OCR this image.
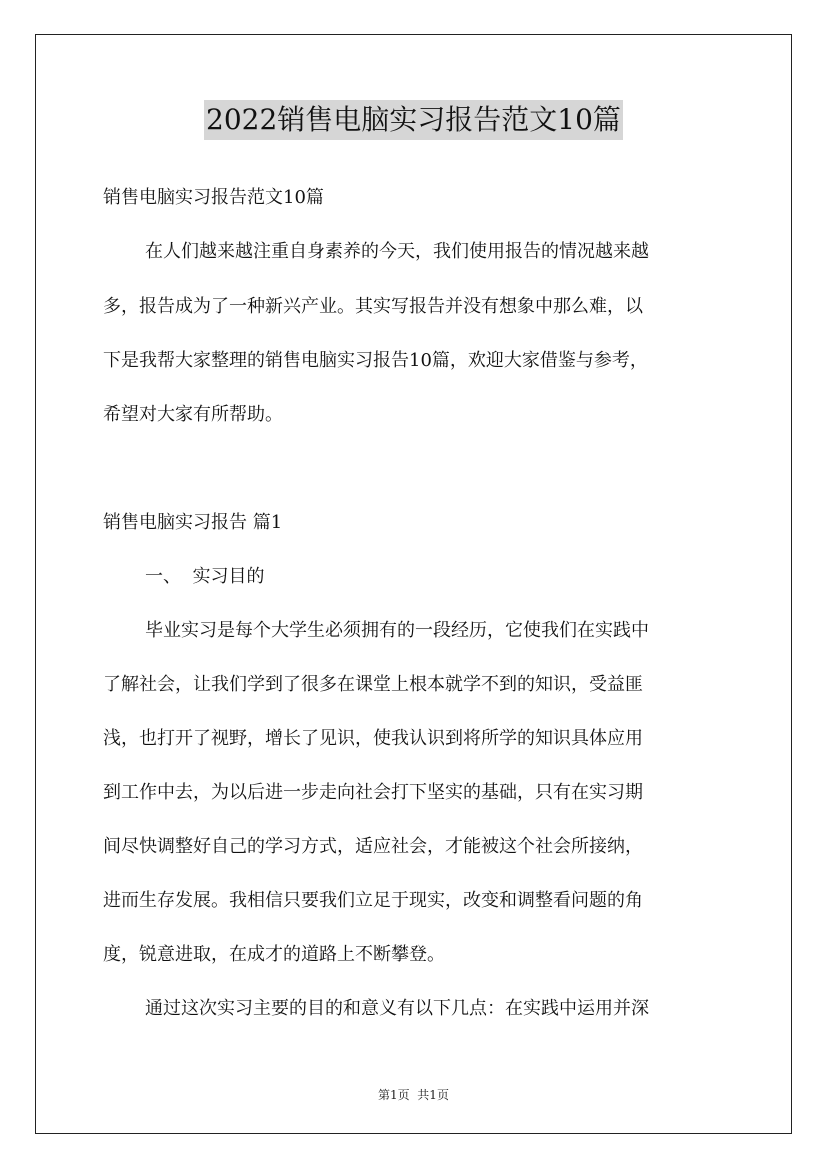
2022销售电脑实习报告范文10篇
销售电脑实习报告范文10篇
在人们越来越注重自身素养的今天，我们使用报告的情况越来越
多，报告成为了一种新兴产业。其实写报告并没有想象中那么难，以
下是我帮大家整理的销售电脑实习报告10篇，欢迎大家借鉴与参考，
希望对大家有所帮助。
销售电脑实习报告 篇1
一、  实习目的
毕业实习是每个大学生必须拥有的一段经历，它使我们在实践中
了解社会，让我们学到了很多在课堂上根本就学不到的知识，受益匪
浅，也打开了视野，增长了见识，使我认识到将所学的知识具体应用
到工作中去，为以后进一步走向社会打下坚实的基础，只有在实习期
间尽快调整好自己的学习方式，适应社会，才能被这个社会所接纳，
进而生存发展。我相信只要我们立足于现实，改变和调整看问题的角
度，锐意进取，在成才的道路上不断攀登。
通过这次实习主要的目的和意义有以下几点：在实践中运用并深
第1页  共1页
